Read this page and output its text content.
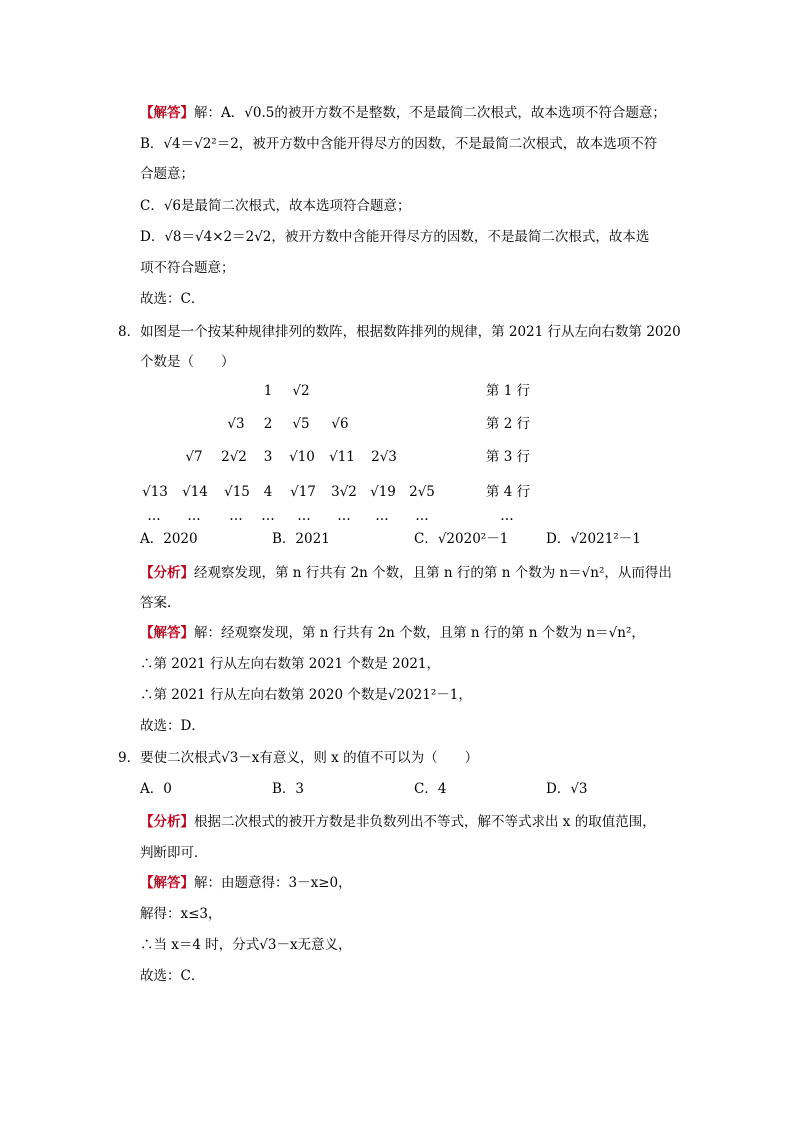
【解答】解：A．√0.5的被开方数不是整数，不是最简二次根式，故本选项不符合题意；
B．√4＝√2²＝2，被开方数中含能开得尽方的因数，不是最简二次根式，故本选项不符
合题意；
C．√6是最简二次根式，故本选项符合题意；
D．√8＝√4×2＝2√2，被开方数中含能开得尽方的因数，不是最简二次根式，故本选
项不符合题意；
故选：C．
8．如图是一个按某种规律排列的数阵，根据数阵排列的规律，第 2021 行从左向右数第 2020
个数是（　　）
1	√2	第 1 行
√3	2	√5	√6	第 2 行
√7	2√2	3	√10	√11	2√3	第 3 行
√13	√14	√15	4	√17	3√2 √19 2√5	第 4 行
…	…	…	…	…	…	…	…	…
A．2020	B．2021	C．√2020²－1	D．√2021²－1
【分析】经观察发现，第 n 行共有 2n 个数，且第 n 行的第 n 个数为 n＝√n²，从而得出
答案．
【解答】解：经观察发现，第 n 行共有 2n 个数，且第 n 行的第 n 个数为 n＝√n²，
∴第 2021 行从左向右数第 2021 个数是 2021，
∴第 2021 行从左向右数第 2020 个数是√2021²－1，
故选：D．
9．要使二次根式√3－x有意义，则 x 的值不可以为（　　）
A．0	B．3	C．4	D．√3
【分析】根据二次根式的被开方数是非负数列出不等式，解不等式求出 x 的取值范围，
判断即可．
【解答】解：由题意得：3－x≥0，
解得：x≤3，
∴当 x＝4 时，分式√3－x无意义，
故选：C．
